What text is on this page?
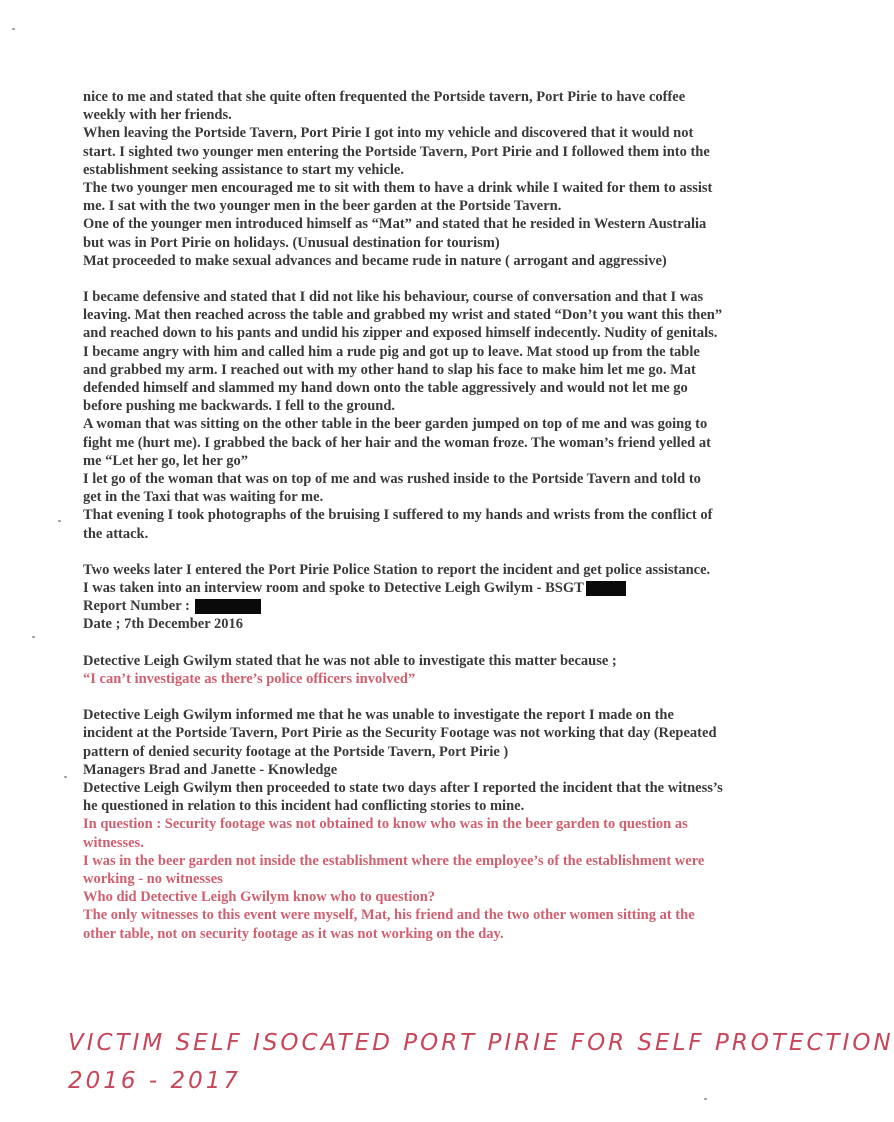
nice to me and stated that she quite often frequented the Portside tavern, Port Pirie to have coffee weekly with her friends.

When leaving the Portside Tavern, Port Pirie I got into my vehicle and discovered that it would not start. I sighted two younger men entering the Portside Tavern, Port Pirie and I followed them into the establishment seeking assistance to start my vehicle.

The two younger men encouraged me to sit with them to have a drink while I waited for them to assist me. I sat with the two younger men in the beer garden at the Portside Tavern.

One of the younger men introduced himself as “Mat” and stated that he resided in Western Australia but was in Port Pirie on holidays. (Unusual destination for tourism)

Mat proceeded to make sexual advances and became rude in nature ( arrogant and aggressive)

I became defensive and stated that I did not like his behaviour, course of conversation and that I was leaving. Mat then reached across the table and grabbed my wrist and stated “Don’t you want this then” and reached down to his pants and undid his zipper and exposed himself indecently. Nudity of genitals.

I became angry with him and called him a rude pig and got up to leave. Mat stood up from the table and grabbed my arm. I reached out with my other hand to slap his face to make him let me go. Mat defended himself and slammed my hand down onto the table aggressively and would not let me go before pushing me backwards. I fell to the ground.

A woman that was sitting on the other table in the beer garden jumped on top of me and was going to fight me (hurt me). I grabbed the back of her hair and the woman froze. The woman’s friend yelled at me “Let her go, let her go”

I let go of the woman that was on top of me and was rushed inside to the Portside Tavern and told to get in the Taxi that was waiting for me.

That evening I took photographs of the bruising I suffered to my hands and wrists from the conflict of the attack.

Two weeks later I entered the Port Pirie Police Station to report the incident and get police assistance.

I was taken into an interview room and spoke to Detective Leigh Gwilym - BSGT

Report Number :

Date ; 7th December 2016

Detective Leigh Gwilym stated that he was not able to investigate this matter because ;

“I can’t investigate as there’s police officers involved”

Detective Leigh Gwilym informed me that he was unable to investigate the report I made on the incident at the Portside Tavern, Port Pirie as the Security Footage was not working that day (Repeated pattern of denied security footage at the Portside Tavern, Port Pirie )

Managers Brad and Janette - Knowledge

Detective Leigh Gwilym then proceeded to state two days after I reported the incident that the witness’s he questioned in relation to this incident had conflicting stories to mine.

In question : Security footage was not obtained to know who was in the beer garden to question as witnesses.

I was in the beer garden not inside the establishment where the employee’s of the establishment were working - no witnesses

Who did Detective Leigh Gwilym know who to question?

The only witnesses to this event were myself, Mat, his friend and the two other women sitting at the other table, not on security footage as it was not working on the day.

VICTIM SELF ISOCATED PORT PIRIE FOR SELF PROTECTION
2016 - 2017
